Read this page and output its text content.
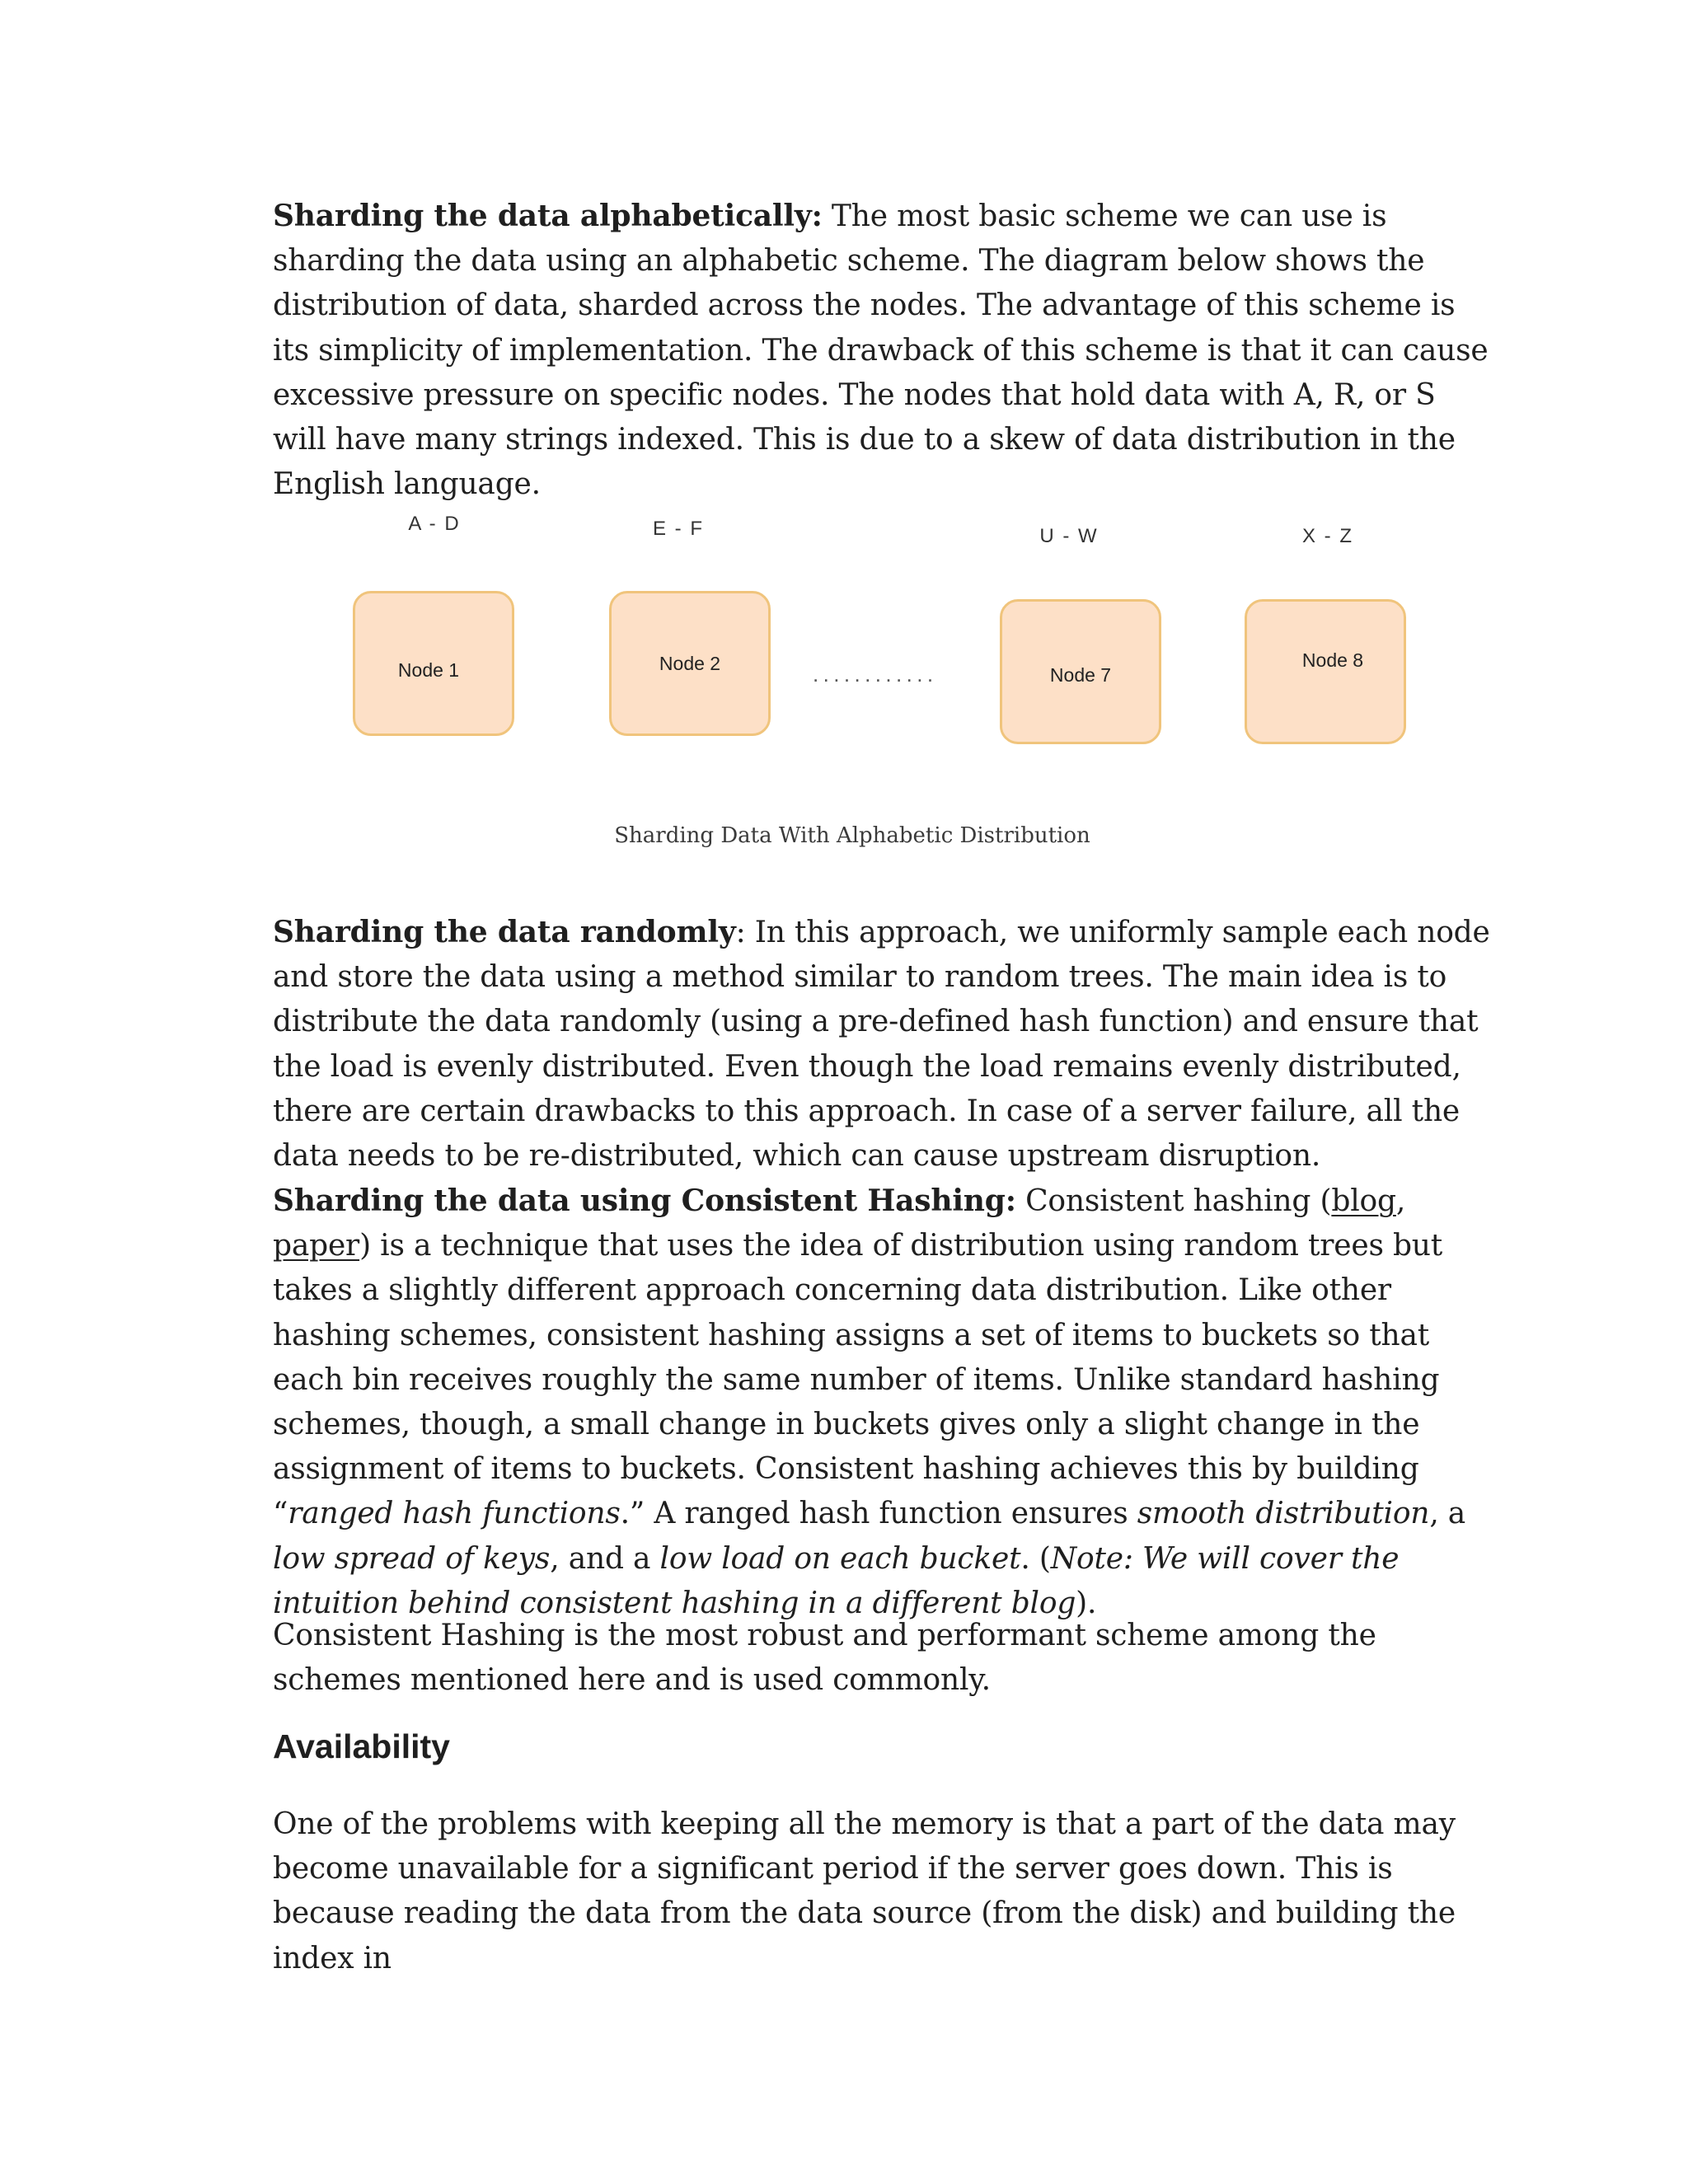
Sharding the data alphabetically: The most basic scheme we can use is sharding the data using an alphabetic scheme. The diagram below shows the distribution of data, sharded across the nodes. The advantage of this scheme is its simplicity of implementation. The drawback of this scheme is that it can cause excessive pressure on specific nodes. The nodes that hold data with A, R, or S will have many strings indexed. This is due to a skew of data distribution in the English language.

Sharding the data randomly: In this approach, we uniformly sample each node and store the data using a method similar to random trees. The main idea is to distribute the data randomly (using a pre-defined hash function) and ensure that the load is evenly distributed. Even though the load remains evenly distributed, there are certain drawbacks to this approach. In case of a server failure, all the data needs to be re-distributed, which can cause upstream disruption.

Sharding the data using Consistent Hashing: Consistent hashing (blog, paper) is a technique that uses the idea of distribution using random trees but takes a slightly different approach concerning data distribution. Like other hashing schemes, consistent hashing assigns a set of items to buckets so that each bin receives roughly the same number of items. Unlike standard hashing schemes, though, a small change in buckets gives only a slight change in the assignment of items to buckets. Consistent hashing achieves this by building “ranged hash functions.” A ranged hash function ensures smooth distribution, a low spread of keys, and a low load on each bucket. (Note: We will cover the intuition behind consistent hashing in a different blog).

Consistent Hashing is the most robust and performant scheme among the schemes mentioned here and is used commonly.

Availability

One of the problems with keeping all the memory is that a part of the data may become unavailable for a significant period if the server goes down. This is because reading the data from the data source (from the disk) and building the index in

A - D	E - F	U - W	X - Z
Node 1	Node 2
Node 7
Node 8
............
Sharding Data With Alphabetic Distribution
